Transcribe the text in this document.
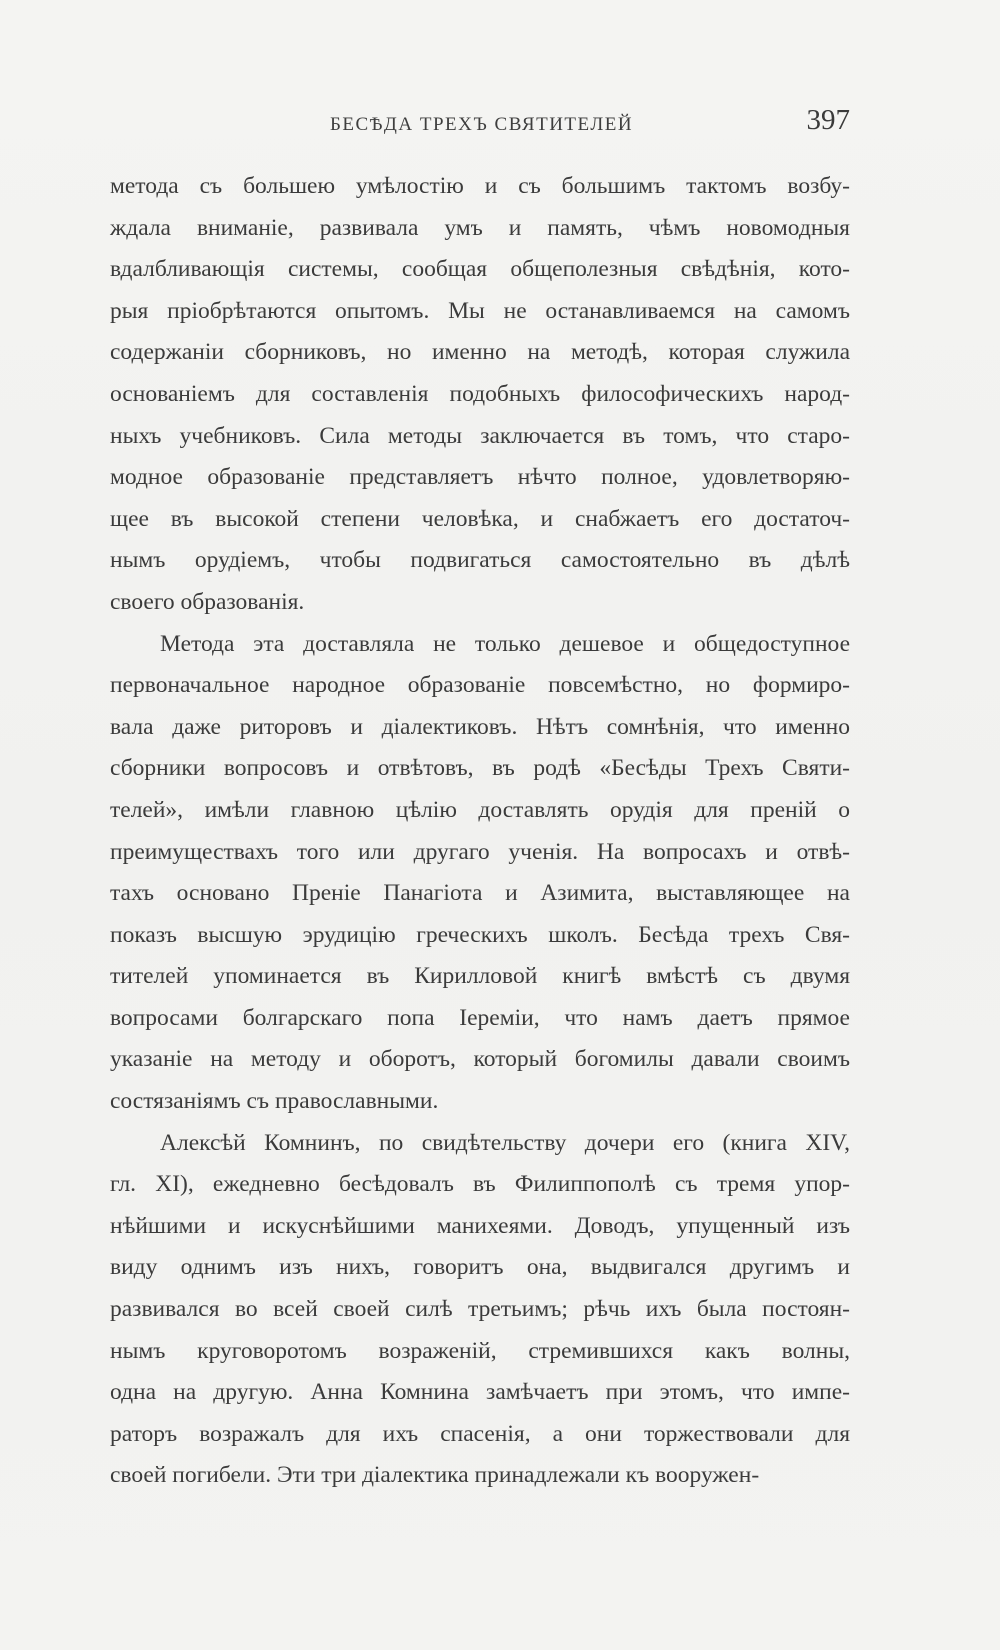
БЕСѢДА ТРЕХЪ СВЯТИТЕЛЕЙ	397
метода съ большею умѣлостію и съ большимъ тактомъ возбу-
ждала вниманіе, развивала умъ и память, чѣмъ новомодныя
вдалбливающія системы, сообщая общеполезныя свѣдѣнія, кото-
рыя пріобрѣтаются опытомъ. Мы не останавливаемся на самомъ
содержаніи сборниковъ, но именно на методѣ, которая служила
основаніемъ для составленія подобныхъ философическихъ народ-
ныхъ учебниковъ. Сила методы заключается въ томъ, что старо-
модное образованіе представляетъ нѣчто полное, удовлетворяю-
щее въ высокой степени человѣка, и снабжаетъ его достаточ-
нымъ орудіемъ, чтобы подвигаться самостоятельно въ дѣлѣ
своего образованія.
Метода эта доставляла не только дешевое и общедоступное
первоначальное народное образованіе повсемѣстно, но формиро-
вала даже риторовъ и діалектиковъ. Нѣтъ сомнѣнія, что именно
сборники вопросовъ и отвѣтовъ, въ родѣ «Бесѣды Трехъ Святи-
телей», имѣли главною цѣлію доставлять орудія для преній о
преимуществахъ того или другаго ученія. На вопросахъ и отвѣ-
тахъ основано Преніе Панагіота и Азимита, выставляющее на
показъ высшую эрудицію греческихъ школъ. Бесѣда трехъ Свя-
тителей упоминается въ Кирилловой книгѣ вмѣстѣ съ двумя
вопросами болгарскаго попа Іереміи, что намъ даетъ прямое
указаніе на методу и оборотъ, который богомилы давали своимъ
состязаніямъ съ православными.
Алексѣй Комнинъ, по свидѣтельству дочери его (книга XIV,
гл. XI), ежедневно бесѣдовалъ въ Филиппополѣ съ тремя упор-
нѣйшими и искуснѣйшими манихеями. Доводъ, упущенный изъ
виду однимъ изъ нихъ, говоритъ она, выдвигался другимъ и
развивался во всей своей силѣ третьимъ; рѣчь ихъ была постоян-
нымъ круговоротомъ возраженій, стремившихся какъ волны,
одна на другую. Анна Комнина замѣчаетъ при этомъ, что импе-
раторъ возражалъ для ихъ спасенія, а они торжествовали для
своей погибели. Эти три діалектика принадлежали къ вооружен-
